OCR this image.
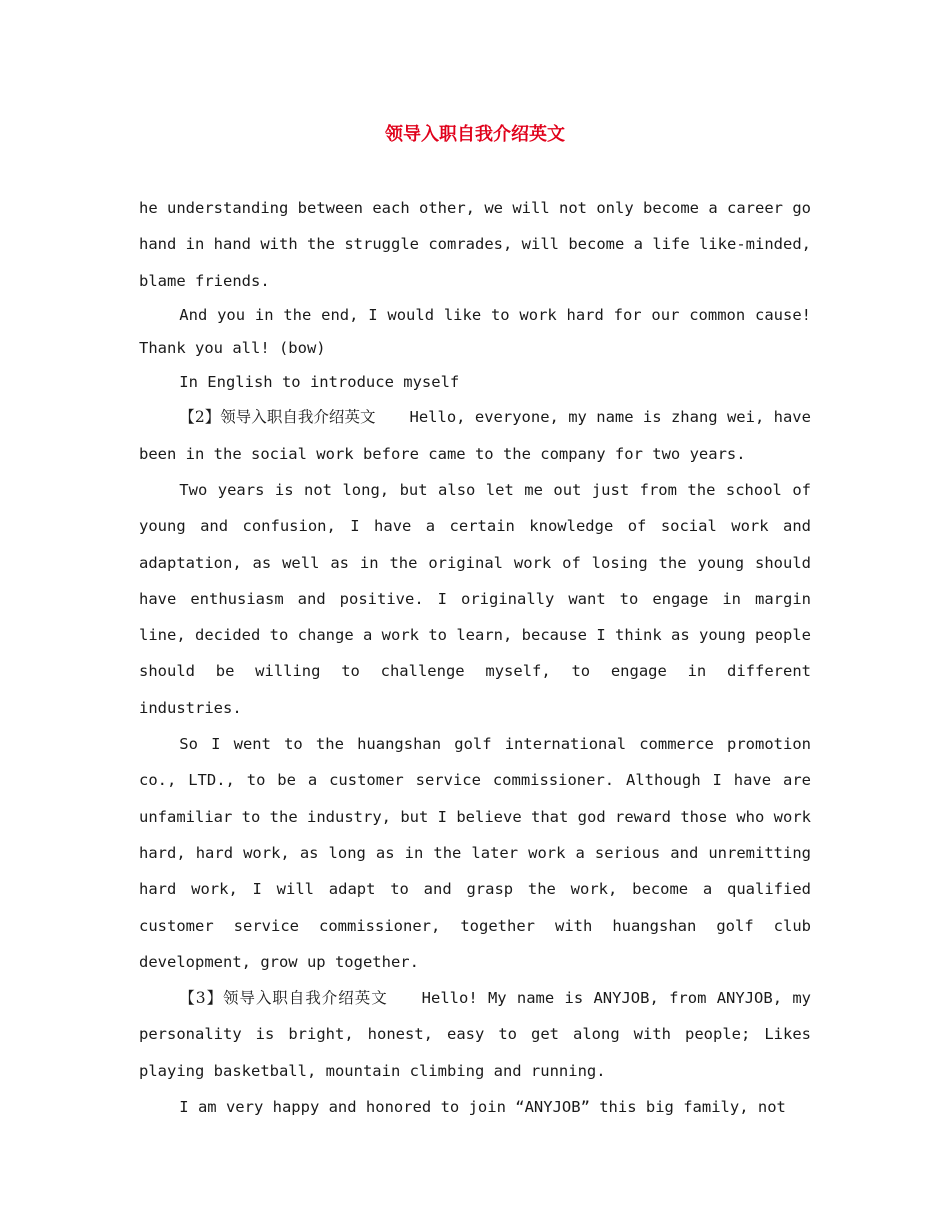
领导入职自我介绍英文

he understanding between each other, we will not only become a career go hand in hand with the struggle comrades, will become a life like-minded, blame friends.

And you in the end, I would like to work hard for our common cause! Thank you all! (bow)

In English to introduce myself

【2】领导入职自我介绍英文 Hello, everyone, my name is zhang wei, have been in the social work before came to the company for two years.

Two years is not long, but also let me out just from the school of young and confusion, I have a certain knowledge of social work and adaptation, as well as in the original work of losing the young should have enthusiasm and positive. I originally want to engage in margin line, decided to change a work to learn, because I think as young people should be willing to challenge myself, to engage in different industries.

So I went to the huangshan golf international commerce promotion co., LTD., to be a customer service commissioner. Although I have are unfamiliar to the industry, but I believe that god reward those who work hard, hard work, as long as in the later work a serious and unremitting hard work, I will adapt to and grasp the work, become a qualified customer service commissioner, together with huangshan golf club development, grow up together.

【3】领导入职自我介绍英文 Hello! My name is ANYJOB, from ANYJOB, my personality is bright, honest, easy to get along with people; Likes playing basketball, mountain climbing and running.

I am very happy and honored to join “ANYJOB” this big family, not
